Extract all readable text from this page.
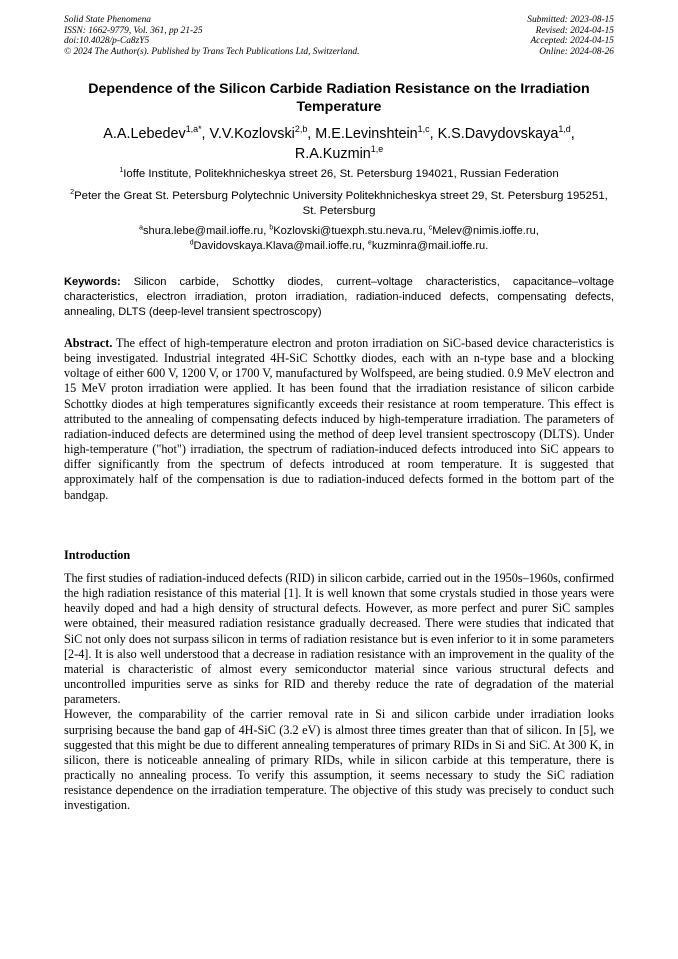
Solid State Phenomena
ISSN: 1662-9779, Vol. 361, pp 21-25
doi:10.4028/p-Ca8zY5
© 2024 The Author(s). Published by Trans Tech Publications Ltd, Switzerland.
Submitted: 2023-08-15
Revised: 2024-04-15
Accepted: 2024-04-15
Online: 2024-08-26
Dependence of the Silicon Carbide Radiation Resistance on the Irradiation Temperature
A.A.Lebedev$^{1,a*}$, V.V.Kozlovski$^{2,b}$, M.E.Levinshtein$^{1,c}$, K.S.Davydovskaya$^{1,d}$,
R.A.Kuzmin$^{1,e}$
$^1$Ioffe Institute, Politekhnicheskya street 26, St. Petersburg 194021, Russian Federation
$^2$Peter the Great St. Petersburg Polytechnic University Politekhnicheskya street 29, St. Petersburg 195251, St. Petersburg
$^a$shura.lebe@mail.ioffe.ru, $^b$Kozlovski@tuexph.stu.neva.ru, $^c$Melev@nimis.ioffe.ru,
$^d$Davidovskaya.Klava@mail.ioffe.ru, $^e$kuzminra@mail.ioffe.ru.
Keywords: Silicon carbide, Schottky diodes, current–voltage characteristics, capacitance–voltage characteristics, electron irradiation, proton irradiation, radiation-induced defects, compensating defects, annealing, DLTS (deep-level transient spectroscopy)
Abstract. The effect of high-temperature electron and proton irradiation on SiC-based device characteristics is being investigated. Industrial integrated 4H-SiC Schottky diodes, each with an n-type base and a blocking voltage of either 600 V, 1200 V, or 1700 V, manufactured by Wolfspeed, are being studied. 0.9 MeV electron and 15 MeV proton irradiation were applied. It has been found that the irradiation resistance of silicon carbide Schottky diodes at high temperatures significantly exceeds their resistance at room temperature. This effect is attributed to the annealing of compensating defects induced by high-temperature irradiation. The parameters of radiation-induced defects are determined using the method of deep level transient spectroscopy (DLTS). Under high-temperature ("hot") irradiation, the spectrum of radiation-induced defects introduced into SiC appears to differ significantly from the spectrum of defects introduced at room temperature. It is suggested that approximately half of the compensation is due to radiation-induced defects formed in the bottom part of the bandgap.
Introduction

The first studies of radiation-induced defects (RID) in silicon carbide, carried out in the 1950s–1960s, confirmed the high radiation resistance of this material [1]. It is well known that some crystals studied in those years were heavily doped and had a high density of structural defects. However, as more perfect and purer SiC samples were obtained, their measured radiation resistance gradually decreased. There were studies that indicated that SiC not only does not surpass silicon in terms of radiation resistance but is even inferior to it in some parameters [2-4]. It is also well understood that a decrease in radiation resistance with an improvement in the quality of the material is characteristic of almost every semiconductor material since various structural defects and uncontrolled impurities serve as sinks for RID and thereby reduce the rate of degradation of the material parameters.

However, the comparability of the carrier removal rate in Si and silicon carbide under irradiation looks surprising because the band gap of 4H-SiC (3.2 eV) is almost three times greater than that of silicon. In [5], we suggested that this might be due to different annealing temperatures of primary RIDs in Si and SiC. At 300 K, in silicon, there is noticeable annealing of primary RIDs, while in silicon carbide at this temperature, there is practically no annealing process. To verify this assumption, it seems necessary to study the SiC radiation resistance dependence on the irradiation temperature. The objective of this study was precisely to conduct such investigation.
